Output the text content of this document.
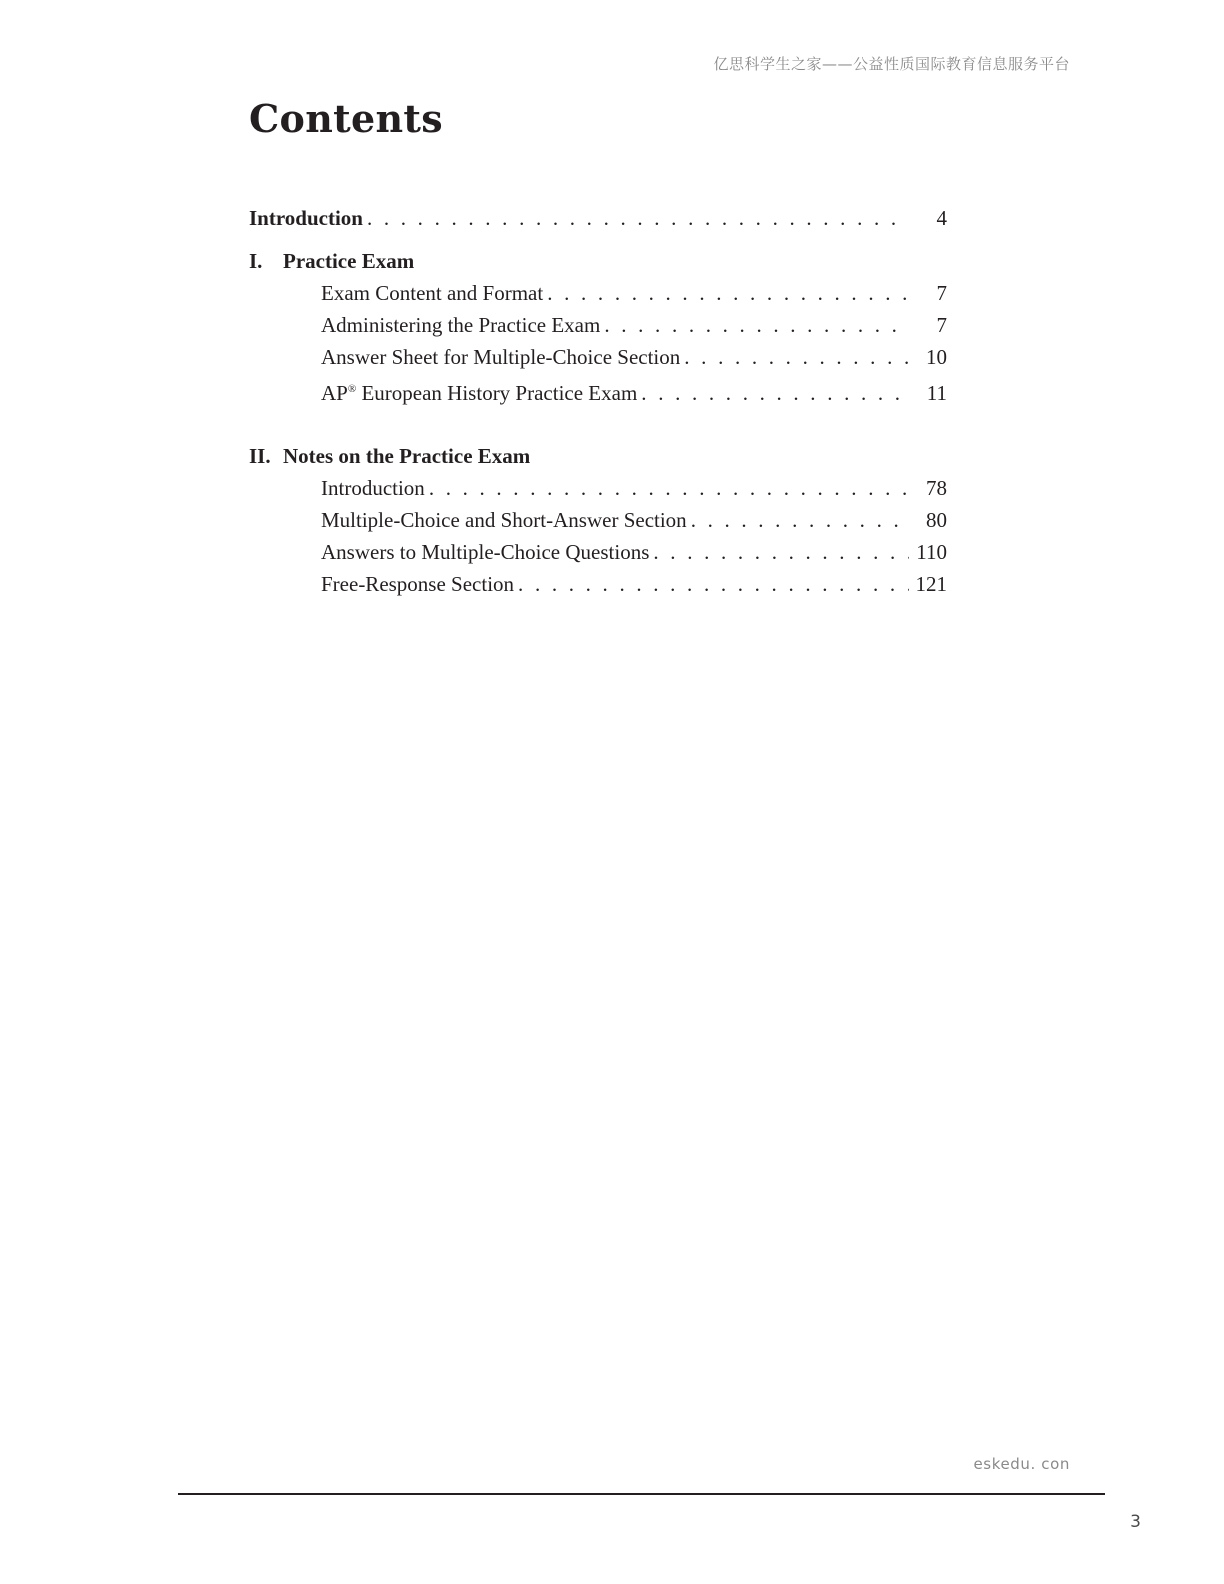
亿思科学生之家——公益性质国际教育信息服务平台
Contents
Introduction . . .	4
I. Practice Exam
Exam Content and Format . . .	7
Administering the Practice Exam . . .	7
Answer Sheet for Multiple-Choice Section . . .	10
AP® European History Practice Exam . . .	11
II. Notes on the Practice Exam
Introduction . . .	78
Multiple-Choice and Short-Answer Section . . .	80
Answers to Multiple-Choice Questions . . .	110
Free-Response Section . . .	121
eskedu. con
3
